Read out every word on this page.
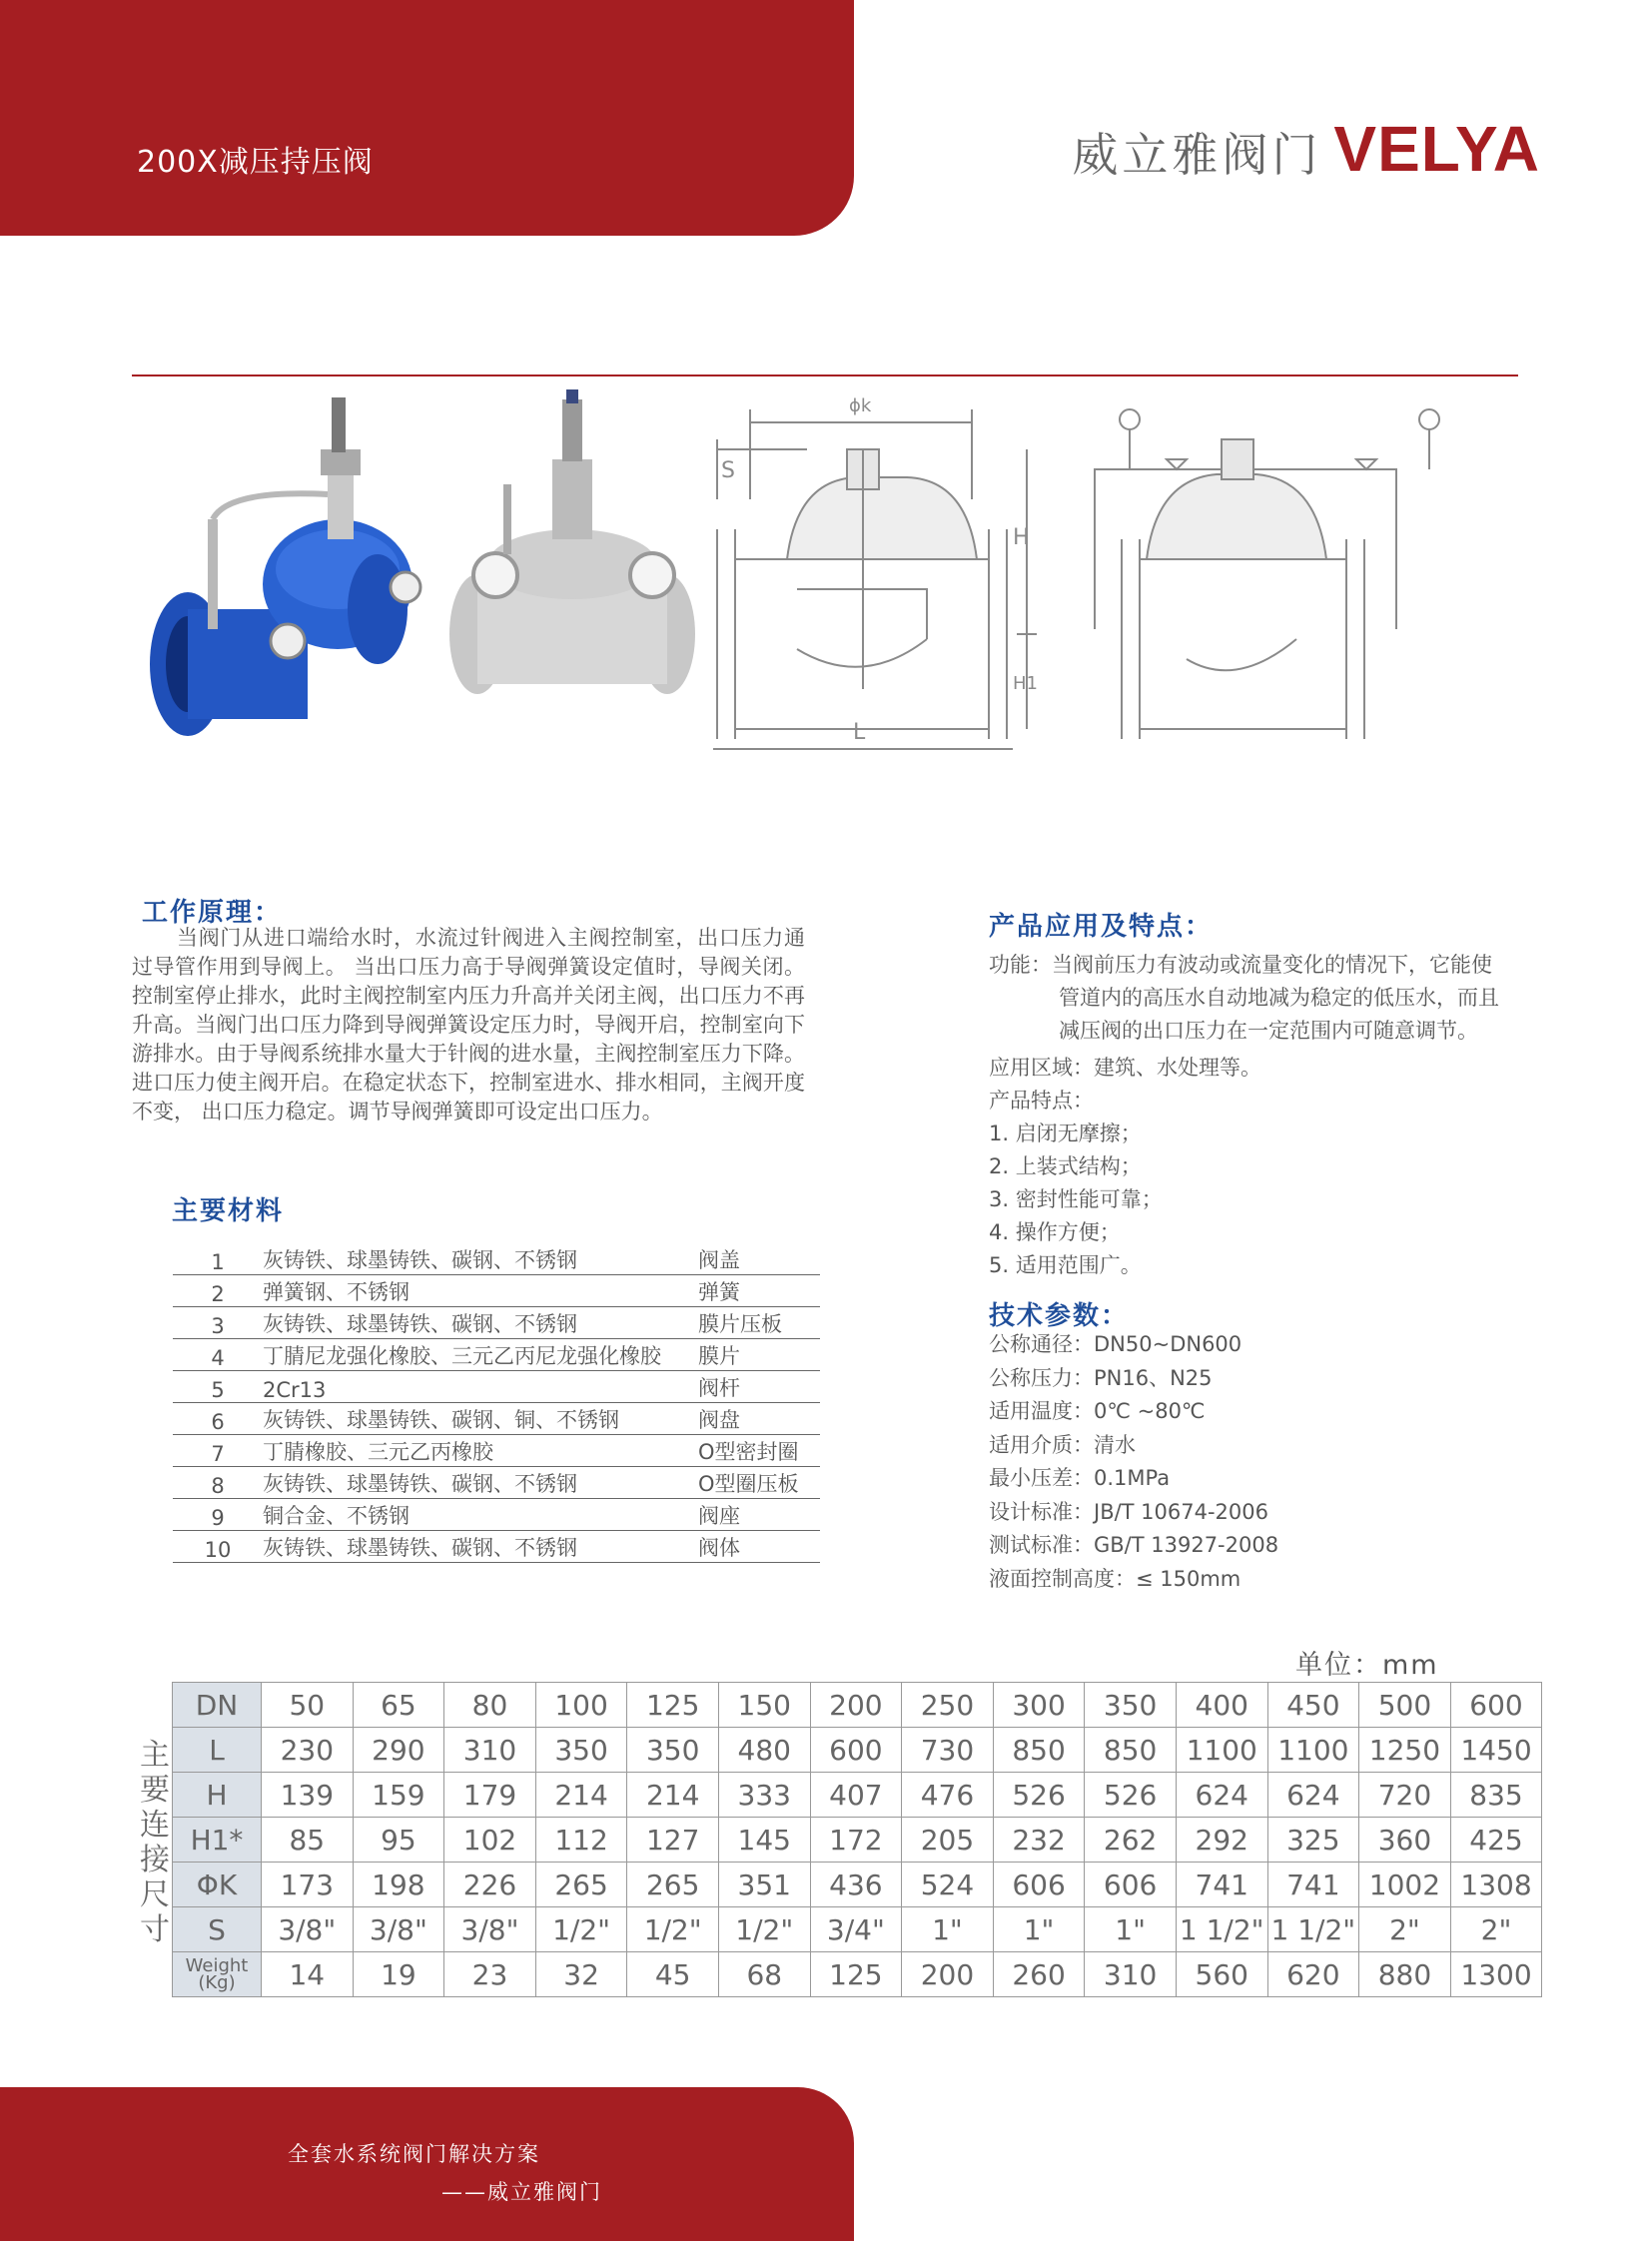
200X减压持压阀	威立雅阀门 VELYA
ϕk
S
H
H1
L
工作原理：
当阀门从进口端给水时，水流过针阀进入主阀控制室，出口压力通过导管作用到导阀上。 当出口压力高于导阀弹簧设定值时，导阀关闭。控制室停止排水，此时主阀控制室内压力升高并关闭主阀，出口压力不再升高。当阀门出口压力降到导阀弹簧设定压力时，导阀开启，控制室向下游排水。由于导阀系统排水量大于针阀的进水量，主阀控制室压力下降。进口压力使主阀开启。在稳定状态下，控制室进水、排水相同，主阀开度不变， 出口压力稳定。调节导阀弹簧即可设定出口压力。
主要材料
1	灰铸铁、球墨铸铁、碳钢、不锈钢	阀盖
2	弹簧钢、不锈钢	弹簧
3	灰铸铁、球墨铸铁、碳钢、不锈钢	膜片压板
4	丁腈尼龙强化橡胶、三元乙丙尼龙强化橡胶	膜片
5	2Cr13	阀杆
6	灰铸铁、球墨铸铁、碳钢、铜、不锈钢	阀盘
7	丁腈橡胶、三元乙丙橡胶	O型密封圈
8	灰铸铁、球墨铸铁、碳钢、不锈钢	O型圈压板
9	铜合金、不锈钢	阀座
10	灰铸铁、球墨铸铁、碳钢、不锈钢	阀体
产品应用及特点：
功能：当阀前压力有波动或流量变化的情况下，它能使
管道内的高压水自动地减为稳定的低压水，而且
减压阀的出口压力在一定范围内可随意调节。
应用区域：建筑、水处理等。
产品特点：
1. 启闭无摩擦；
2. 上装式结构；
3. 密封性能可靠；
4. 操作方便；
5. 适用范围广。
技术参数：
公称通径：DN50~DN600
公称压力：PN16、N25
适用温度：0℃ ~80℃
适用介质：清水
最小压差：0.1MPa
设计标准：JB/T 10674-2006
测试标准：GB/T 13927-2008
液面控制高度：≤ 150mm
单位：mm
主
要
连
接
尺
寸
DN	50	65	80	100	125	150	200	250	300	350	400	450	500	600
L	230	290	310	350	350	480	600	730	850	850	1100	1100	1250	1450
H	139	159	179	214	214	333	407	476	526	526	624	624	720	835
H1*	85	95	102	112	127	145	172	205	232	262	292	325	360	425
ΦK	173	198	226	265	265	351	436	524	606	606	741	741	1002	1308
S	3/8"	3/8"	3/8"	1/2"	1/2"	1/2"	3/4"	1"	1"	1"	1 1/2"	1 1/2"	2"	2"

Weight
(Kg)	14	19	23	32	45	68	125	200	260	310	560	620	880	1300
全套水系统阀门解决方案
——威立雅阀门
